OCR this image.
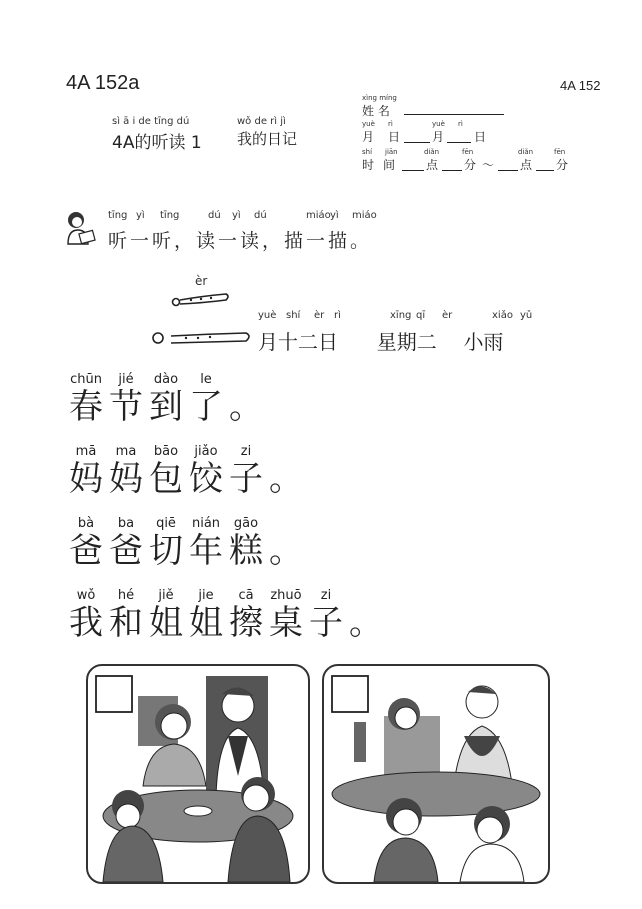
4A 152a	4A 152
sì ā i de tīng dú
4A的听读 1
wǒ de rì jì
我的日记
xìng míng
姓 名
yuè rì	yuè rì
月 日	月 日
shí jiān	diǎn	fēn	diǎn	fēn
时 间	点 分 ～ 点 分
tīng yì tīng	dú yì dú	miáo yì miáo
听一听，读一读，描一描。
èr
yuè shí èr rì	xīng qī èr	xiǎo yǔ
月十二日 星期二 小雨
chūn
春
jié
节
dào
到
le
了
。
mā
妈
ma
妈
bāo
包
jiǎo
饺
zi
子
。
bà
爸
ba
爸
qiē
切
nián
年
gāo
糕
。
wǒ
我
hé
和
jiě
姐
jie
姐
cā
擦
zhuō
桌
zi
子
。
